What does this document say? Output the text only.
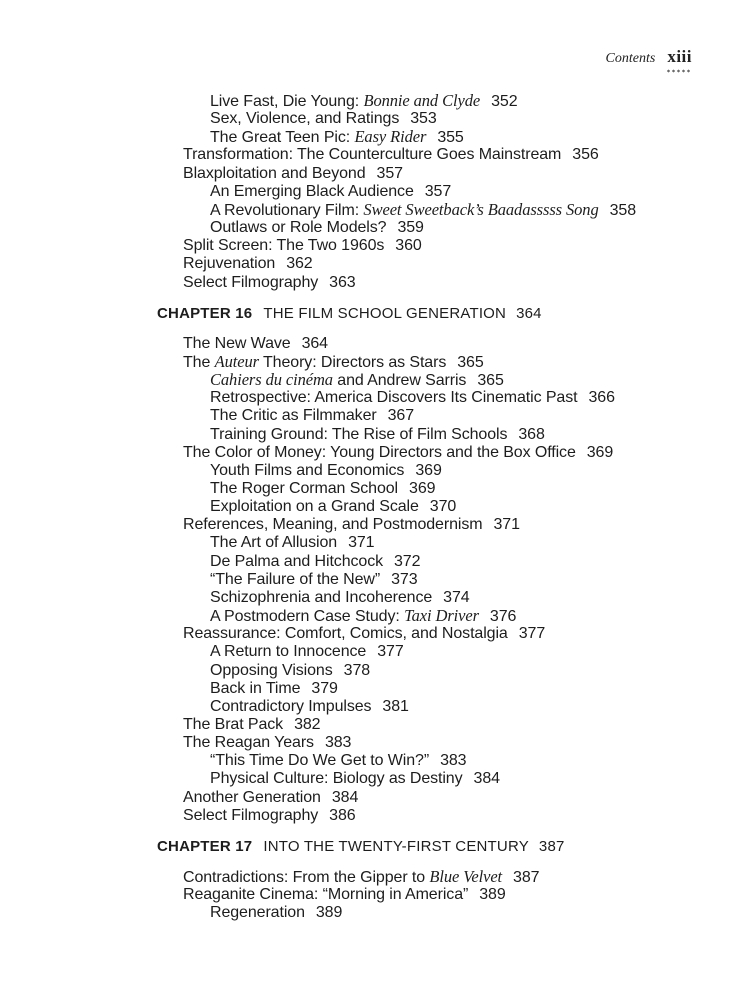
Contents xiii
Live Fast, Die Young: Bonnie and Clyde 352
Sex, Violence, and Ratings 353
The Great Teen Pic: Easy Rider 355
Transformation: The Counterculture Goes Mainstream 356
Blaxploitation and Beyond 357
An Emerging Black Audience 357
A Revolutionary Film: Sweet Sweetback’s Baadasssss Song 358
Outlaws or Role Models? 359
Split Screen: The Two 1960s 360
Rejuvenation 362
Select Filmography 363
CHAPTER 16 THE FILM SCHOOL GENERATION 364
The New Wave 364
The Auteur Theory: Directors as Stars 365
Cahiers du cinéma and Andrew Sarris 365
Retrospective: America Discovers Its Cinematic Past 366
The Critic as Filmmaker 367
Training Ground: The Rise of Film Schools 368
The Color of Money: Young Directors and the Box Office 369
Youth Films and Economics 369
The Roger Corman School 369
Exploitation on a Grand Scale 370
References, Meaning, and Postmodernism 371
The Art of Allusion 371
De Palma and Hitchcock 372
“The Failure of the New” 373
Schizophrenia and Incoherence 374
A Postmodern Case Study: Taxi Driver 376
Reassurance: Comfort, Comics, and Nostalgia 377
A Return to Innocence 377
Opposing Visions 378
Back in Time 379
Contradictory Impulses 381
The Brat Pack 382
The Reagan Years 383
“This Time Do We Get to Win?” 383
Physical Culture: Biology as Destiny 384
Another Generation 384
Select Filmography 386
CHAPTER 17 INTO THE TWENTY-FIRST CENTURY 387
Contradictions: From the Gipper to Blue Velvet 387
Reaganite Cinema: “Morning in America” 389
Regeneration 389
